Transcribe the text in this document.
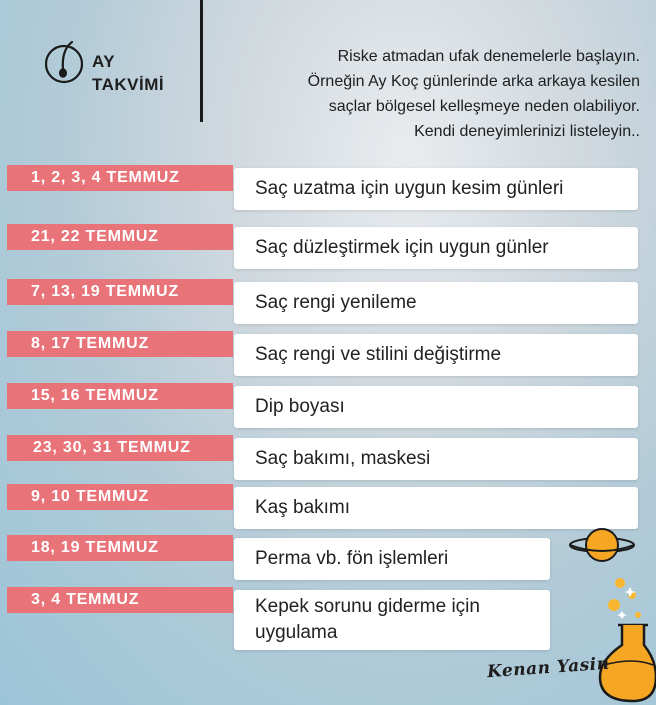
AY
TAKVİMİ
Riske atmadan ufak denemelerle başlayın.
Örneğin Ay Koç günlerinde arka arkaya kesilen
saçlar bölgesel kelleşmeye neden olabiliyor.
Kendi deneyimlerinizi listeleyin..
1, 2, 3, 4 TEMMUZ
Saç uzatma için uygun kesim günleri
21, 22 TEMMUZ
Saç düzleştirmek için uygun günler
7, 13, 19 TEMMUZ
Saç rengi yenileme
8, 17 TEMMUZ
Saç rengi ve stilini değiştirme
15, 16 TEMMUZ
Dip boyası
23, 30, 31 TEMMUZ
Saç bakımı, maskesi
9, 10 TEMMUZ
Kaş bakımı
18, 19 TEMMUZ
Perma vb. fön işlemleri
3, 4 TEMMUZ	Kepek sorunu giderme için uygulama
Kenan Yasin
